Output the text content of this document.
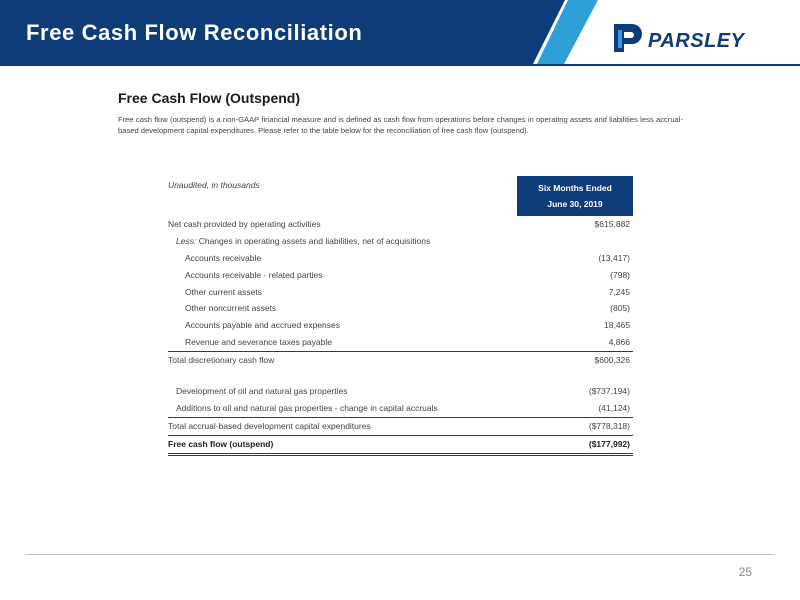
Free Cash Flow Reconciliation	PARSLEY
Free Cash Flow (Outspend)
Free cash flow (outspend) is a non-GAAP financial measure and is defined as cash flow from operations before changes in operating assets and liabilities less accrual-based development capital expenditures. Please refer to the table below for the reconciliation of free cash flow (outspend).
Unaudited, in thousands	Six Months Ended
June 30, 2019
Net cash provided by operating activities	$615,882
Less: Changes in operating assets and liabilities, net of acquisitions
Accounts receivable	(13,417)
Accounts receivable - related parties	(798)
Other current assets	7,245
Other noncurrent assets	(805)
Accounts payable and accrued expenses	18,465
Revenue and severance taxes payable	4,866
Total discretionary cash flow	$600,326
Development of oil and natural gas properties	($737,194)
Additions to oil and natural gas properties - change in capital accruals	(41,124)
Total accrual-based development capital expenditures	($778,318)
Free cash flow (outspend)	($177,992)
25
